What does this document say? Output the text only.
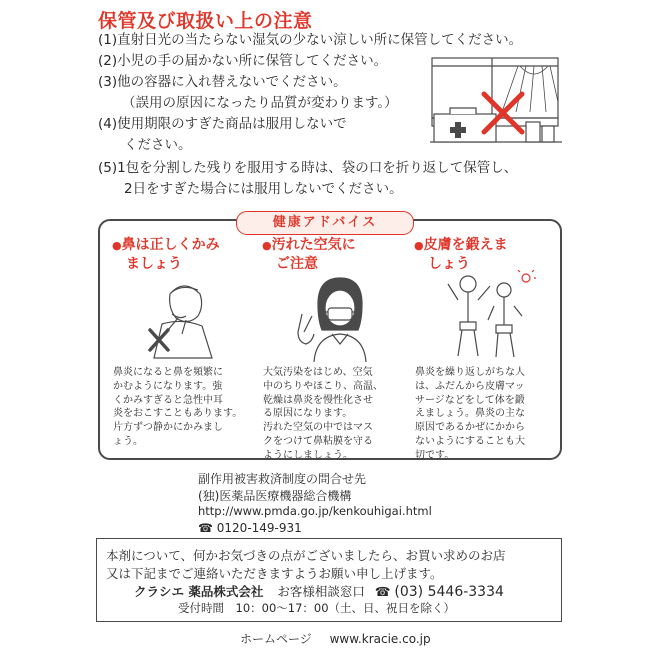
保管及び取扱い上の注意
(1)直射日光の当たらない湿気の少ない涼しい所に保管してください。
(2)小児の手の届かない所に保管してください。
(3)他の容器に入れ替えないでください。
（誤用の原因になったり品質が変わります。）
(4)使用期限のすぎた商品は服用しないで
ください。
(5)1包を分割した残りを服用する時は、袋の口を折り返して保管し、
2日をすぎた場合には服用しないでください。
健康アドバイス
●鼻は正しくかみ
ましょう
鼻炎になると鼻を頻繁に
かむようになります。強
くかみすぎると急性中耳
炎をおこすこともあります。
片方ずつ静かにかみまし
ょう。
●汚れた空気に
ご注意
大気汚染をはじめ、空気
中のちりやほこり、高温、
乾燥は鼻炎を慢性化させ
る原因になります。
汚れた空気の中ではマス
クをつけて鼻粘膜を守る
ようにしましょう。
●皮膚を鍛えま
しょう
鼻炎を繰り返しがちな人
は、ふだんから皮膚マッ
サージなどをして体を鍛
えましょう。鼻炎の主な
原因であるかぜにかから
ないようにすることも大
切です。
副作用被害救済制度の問合せ先
(独)医薬品医療機器総合機構
http://www.pmda.go.jp/kenkouhigai.html
☎ 0120-149-931
本剤について、何かお気づきの点がございましたら、お買い求めのお店
又は下記までご連絡いただきますようお願い申し上げます。
クラシエ 薬品株式会社 お客様相談窓口 ☎ (03) 5446-3334
受付時間　10：00～17：00（土、日、祝日を除く）
ホームページ www.kracie.co.jp
